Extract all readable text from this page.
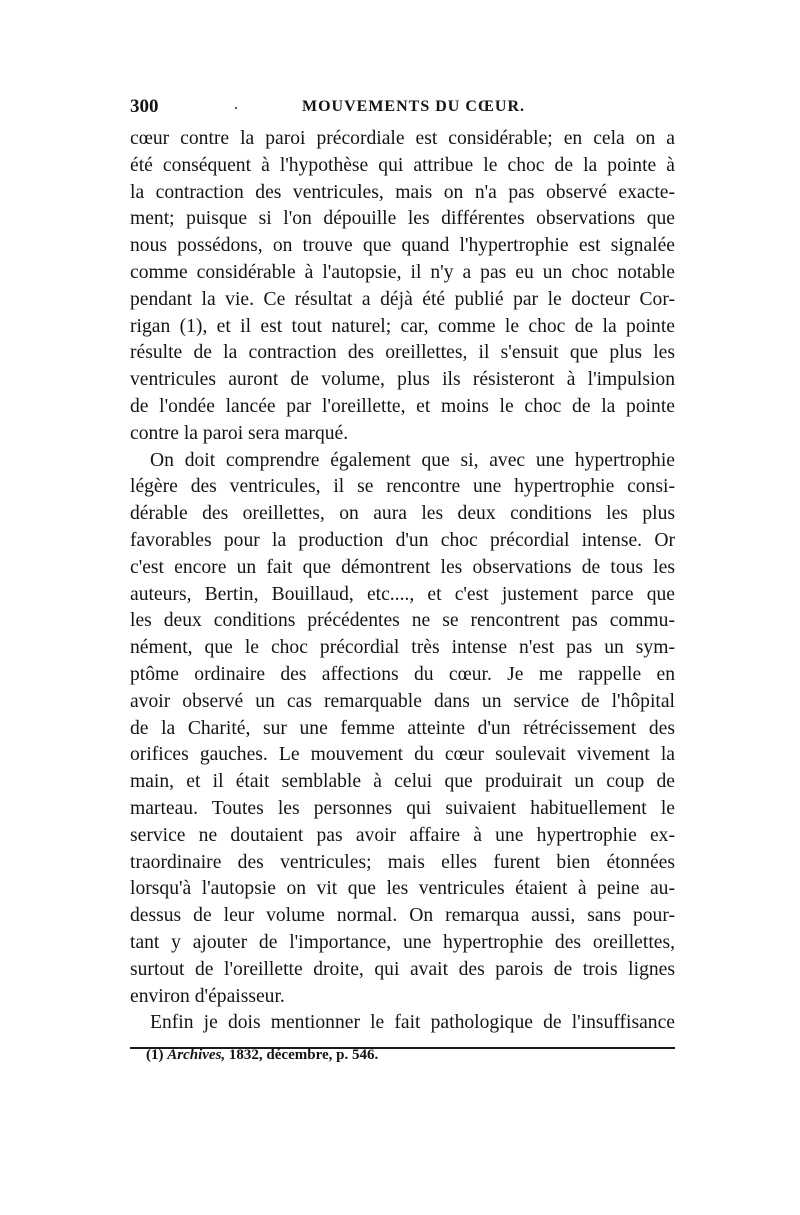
300	.	MOUVEMENTS DU CŒUR.
cœur contre la paroi précordiale est considérable; en cela on a
été conséquent à l'hypothèse qui attribue le choc de la pointe à
la contraction des ventricules, mais on n'a pas observé exacte-
ment; puisque si l'on dépouille les différentes observations que
nous possédons, on trouve que quand l'hypertrophie est signalée
comme considérable à l'autopsie, il n'y a pas eu un choc notable
pendant la vie. Ce résultat a déjà été publié par le docteur Cor-
rigan (1), et il est tout naturel; car, comme le choc de la pointe
résulte de la contraction des oreillettes, il s'ensuit que plus les
ventricules auront de volume, plus ils résisteront à l'impulsion
de l'ondée lancée par l'oreillette, et moins le choc de la pointe
contre la paroi sera marqué.
On doit comprendre également que si, avec une hypertrophie
légère des ventricules, il se rencontre une hypertrophie consi-
dérable des oreillettes, on aura les deux conditions les plus
favorables pour la production d'un choc précordial intense. Or
c'est encore un fait que démontrent les observations de tous les
auteurs, Bertin, Bouillaud, etc...., et c'est justement parce que
les deux conditions précédentes ne se rencontrent pas commu-
nément, que le choc précordial très intense n'est pas un sym-
ptôme ordinaire des affections du cœur. Je me rappelle en
avoir observé un cas remarquable dans un service de l'hôpital
de la Charité, sur une femme atteinte d'un rétrécissement des
orifices gauches. Le mouvement du cœur soulevait vivement la
main, et il était semblable à celui que produirait un coup de
marteau. Toutes les personnes qui suivaient habituellement le
service ne doutaient pas avoir affaire à une hypertrophie ex-
traordinaire des ventricules; mais elles furent bien étonnées
lorsqu'à l'autopsie on vit que les ventricules étaient à peine au-
dessus de leur volume normal. On remarqua aussi, sans pour-
tant y ajouter de l'importance, une hypertrophie des oreillettes,
surtout de l'oreillette droite, qui avait des parois de trois lignes
environ d'épaisseur.
Enfin je dois mentionner le fait pathologique de l'insuffisance
(1) Archives, 1832, décembre, p. 546.
